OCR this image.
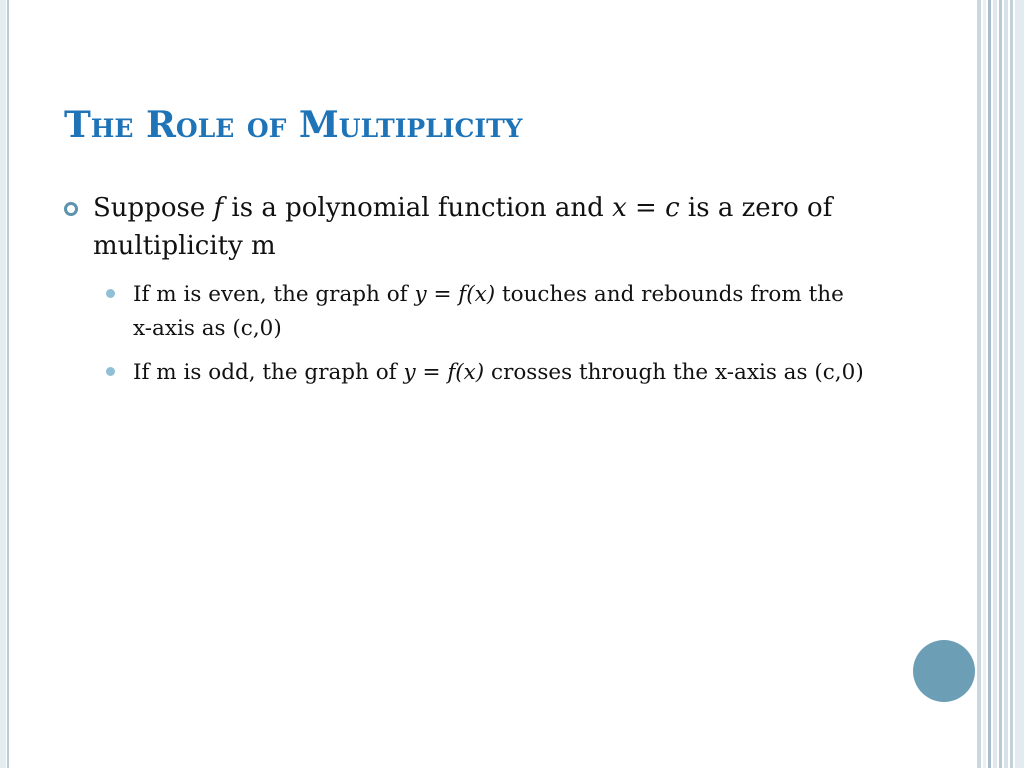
The Role of Multiplicity
Suppose f is a polynomial function and x = c is a zero of multiplicity m
If m is even, the graph of y = f(x) touches and rebounds from the x-axis as (c,0)
If m is odd, the graph of y = f(x) crosses through the x-axis as (c,0)
